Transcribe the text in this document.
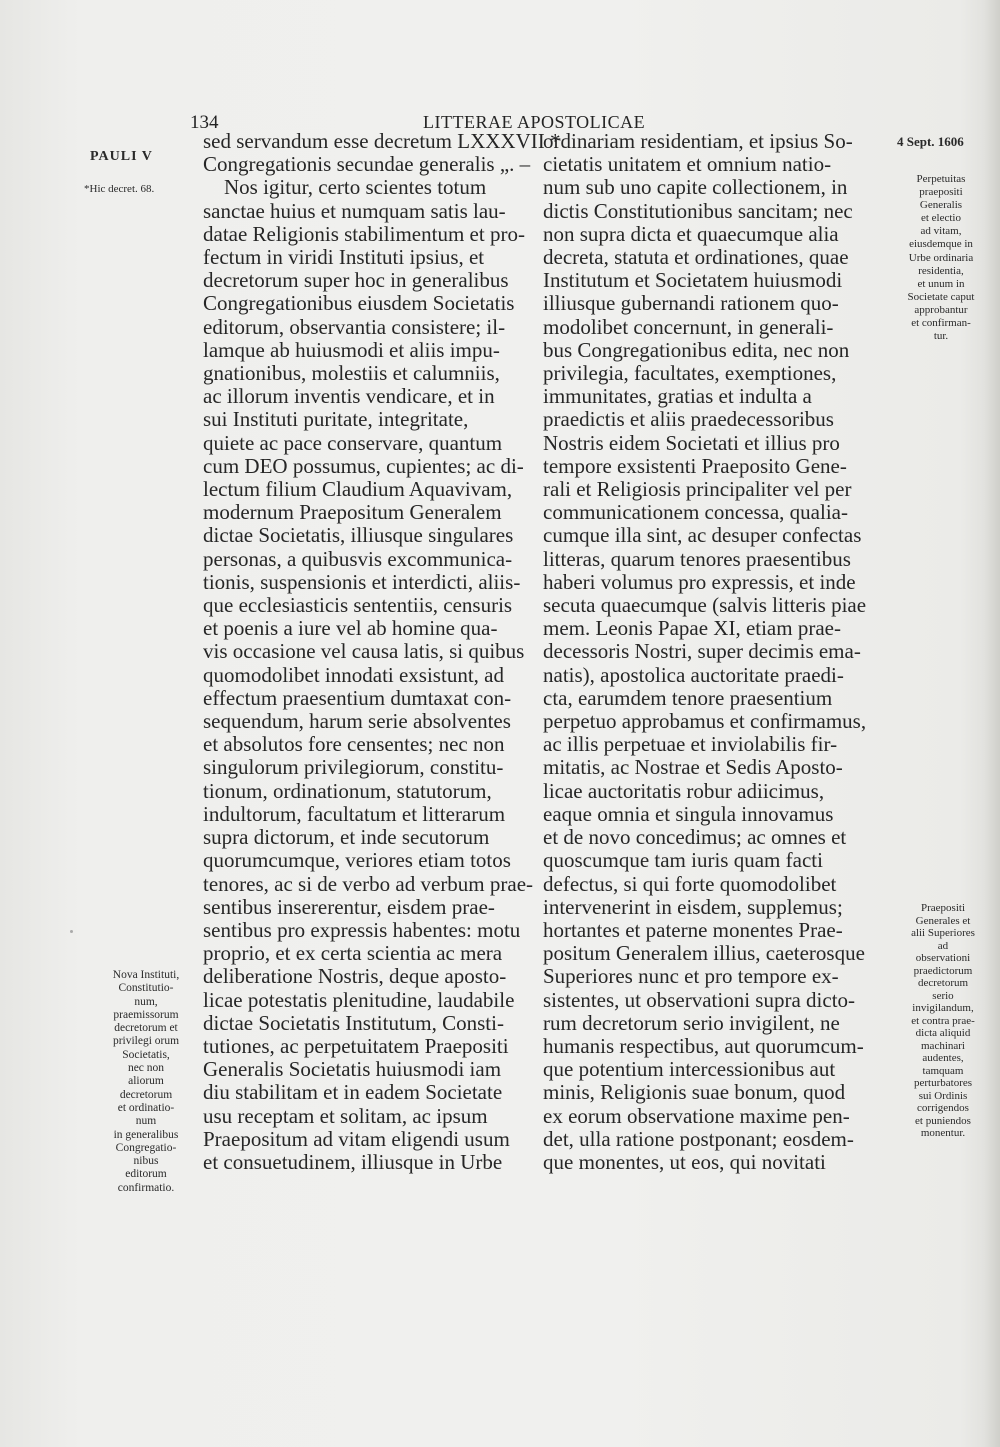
134	LITTERAE APOSTOLICAE
PAULI V
*Hic decret. 68.
Nova Instituti,
Constitutio-
num,
praemissorum
decretorum et
privilegi orum
Societatis,
nec non
aliorum
decretorum
et ordinatio-
num
in generalibus
Congregatio-
nibus
editorum
confirmatio.
4 Sept. 1606
Perpetuitas
praepositi
Generalis
et electio
ad vitam,
eiusdemque in
Urbe ordinaria
residentia,
et unum in
Societate caput
approbantur
et confirman-
tur.
Praepositi
Generales et
alii Superiores
ad
observationi
praedictorum
decretorum
serio
invigilandum,
et contra prae-
dicta aliquid
machinari
audentes,
tamquam
perturbatores
sui Ordinis
corrigendos
et puniendos
monentur.
sed servandum esse decretum LXXXVII
Congregationis secundae generalis „. –
Nos igitur, certo scientes totum
sanctae huius et numquam satis lau-
datae Religionis stabilimentum et pro-
fectum in viridi Instituti ipsius, et
decretorum super hoc in generalibus
Congregationibus eiusdem Societatis
editorum, observantia consistere; il-
lamque ab huiusmodi et aliis impu-
gnationibus, molestiis et calumniis,
ac illorum inventis vendicare, et in
sui Instituti puritate, integritate,
quiete ac pace conservare, quantum
cum DEO possumus, cupientes; ac di-
lectum filium Claudium Aquavivam,
modernum Praepositum Generalem
dictae Societatis, illiusque singulares
personas, a quibusvis excommunica-
tionis, suspensionis et interdicti, aliis-
que ecclesiasticis sententiis, censuris
et poenis a iure vel ab homine qua-
vis occasione vel causa latis, si quibus
quomodolibet innodati exsistunt, ad
effectum praesentium dumtaxat con-
sequendum, harum serie absolventes
et absolutos fore censentes; nec non
singulorum privilegiorum, constitu-
tionum, ordinationum, statutorum,
indultorum, facultatum et litterarum
supra dictorum, et inde secutorum
quorumcumque, veriores etiam totos
tenores, ac si de verbo ad verbum prae-
sentibus insererentur, eisdem prae-
sentibus pro expressis habentes: motu
proprio, et ex certa scientia ac mera
deliberatione Nostris, deque aposto-
licae potestatis plenitudine, laudabile
dictae Societatis Institutum, Consti-
tutiones, ac perpetuitatem Praepositi
Generalis Societatis huiusmodi iam
diu stabilitam et in eadem Societate
usu receptam et solitam, ac ipsum
Praepositum ad vitam eligendi usum
et consuetudinem, illiusque in Urbe
ordinariam residentiam, et ipsius So-
cietatis unitatem et omnium natio-
num sub uno capite collectionem, in
dictis Constitutionibus sancitam; nec
non supra dicta et quaecumque alia
decreta, statuta et ordinationes, quae
Institutum et Societatem huiusmodi
illiusque gubernandi rationem quo-
modolibet concernunt, in generali-
bus Congregationibus edita, nec non
privilegia, facultates, exemptiones,
immunitates, gratias et indulta a
praedictis et aliis praedecessoribus
Nostris eidem Societati et illius pro
tempore exsistenti Praeposito Gene-
rali et Religiosis principaliter vel per
communicationem concessa, qualia-
cumque illa sint, ac desuper confectas
litteras, quarum tenores praesentibus
haberi volumus pro expressis, et inde
secuta quaecumque (salvis litteris piae
mem. Leonis Papae XI, etiam prae-
decessoris Nostri, super decimis ema-
natis), apostolica auctoritate praedi-
cta, earumdem tenore praesentium
perpetuo approbamus et confirmamus,
ac illis perpetuae et inviolabilis fir-
mitatis, ac Nostrae et Sedis Aposto-
licae auctoritatis robur adiicimus,
eaque omnia et singula innovamus
et de novo concedimus; ac omnes et
quoscumque tam iuris quam facti
defectus, si qui forte quomodolibet
intervenerint in eisdem, supplemus;
hortantes et paterne monentes Prae-
positum Generalem illius, caeterosque
Superiores nunc et pro tempore ex-
sistentes, ut observationi supra dicto-
rum decretorum serio invigilent, ne
humanis respectibus, aut quorumcum-
que potentium intercessionibus aut
minis, Religionis suae bonum, quod
ex eorum observatione maxime pen-
det, ulla ratione postponant; eosdem-
que monentes, ut eos, qui novitati
